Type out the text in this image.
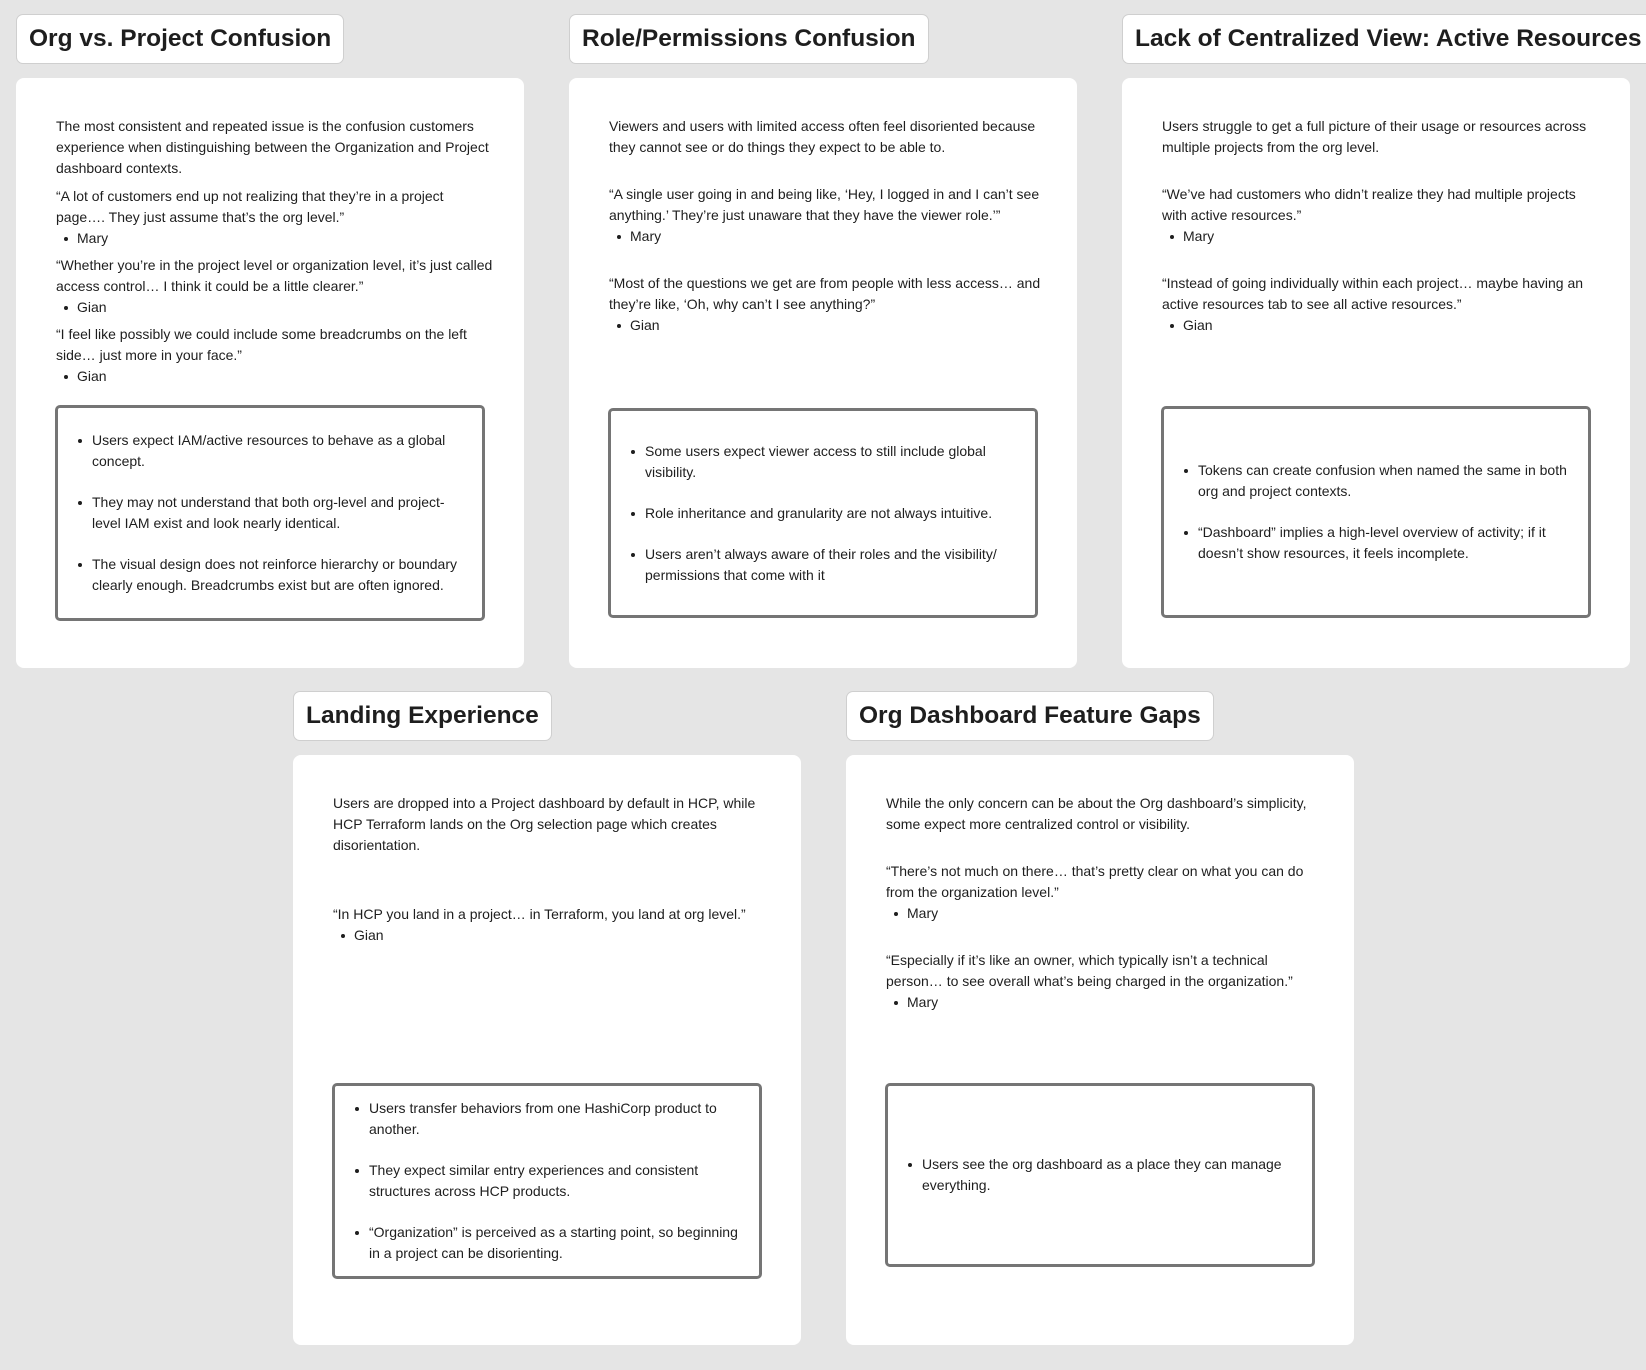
Org vs. Project Confusion

The most consistent and repeated issue is the confusion customers experience when distinguishing between the Organization and Project dashboard contexts.

“A lot of customers end up not realizing that they’re in a project page…. They just assume that’s the org level.”
Mary
“Whether you’re in the project level or organization level, it’s just called access control… I think it could be a little clearer.”
Gian
“I feel like possibly we could include some breadcrumbs on the left side… just more in your face.”
Gian
Users expect IAM/active resources to behave as a global concept.
They may not understand that both org-level and project-level IAM exist and look nearly identical.
The visual design does not reinforce hierarchy or boundary clearly enough. Breadcrumbs exist but are often ignored.
Role/Permissions Confusion

Viewers and users with limited access often feel disoriented because they cannot see or do things they expect to be able to.

“A single user going in and being like, ‘Hey, I logged in and I can’t see anything.’ They’re just unaware that they have the viewer role.’”
Mary
“Most of the questions we get are from people with less access… and they’re like, ‘Oh, why can’t I see anything?”
Gian
Some users expect viewer access to still include global visibility.
Role inheritance and granularity are not always intuitive.
Users aren’t always aware of their roles and the visibility/ permissions that come with it
Lack of Centralized View: Active Resources

Users struggle to get a full picture of their usage or resources across multiple projects from the org level.

“We’ve had customers who didn’t realize they had multiple projects with active resources.”
Mary
“Instead of going individually within each project… maybe having an active resources tab to see all active resources.”
Gian
Tokens can create confusion when named the same in both org and project contexts.
“Dashboard” implies a high-level overview of activity; if it doesn’t show resources, it feels incomplete.
Landing Experience

Users are dropped into a Project dashboard by default in HCP, while HCP Terraform lands on the Org selection page which creates disorientation.

“In HCP you land in a project… in Terraform, you land at org level.”
Gian
Users transfer behaviors from one HashiCorp product to another.
They expect similar entry experiences and consistent structures across HCP products.
“Organization” is perceived as a starting point, so beginning in a project can be disorienting.
Org Dashboard Feature Gaps

While the only concern can be about the Org dashboard’s simplicity, some expect more centralized control or visibility.

“There’s not much on there… that’s pretty clear on what you can do from the organization level.”
Mary
“Especially if it’s like an owner, which typically isn’t a technical person… to see overall what’s being charged in the organization.”
Mary
Users see the org dashboard as a place they can manage everything.
